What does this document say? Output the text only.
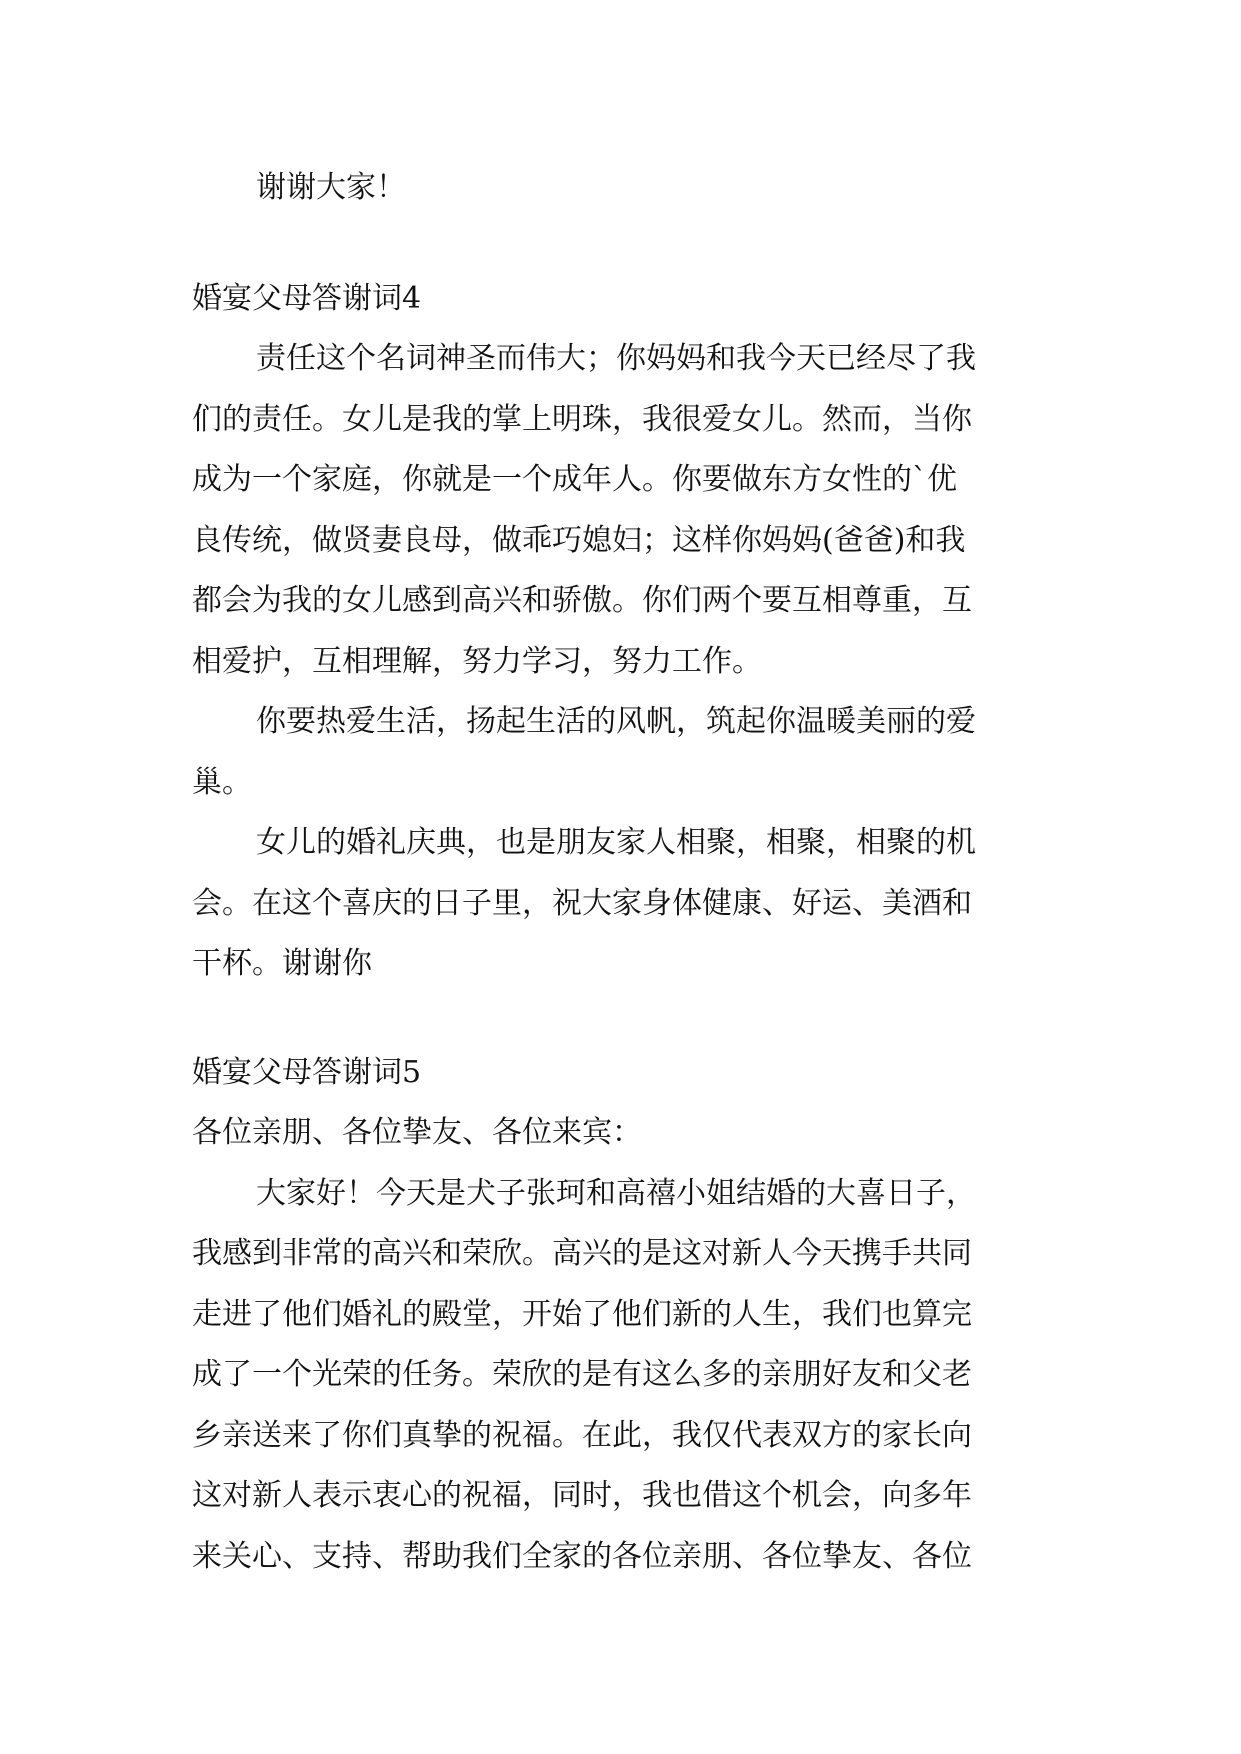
谢谢大家！
婚宴父母答谢词4
责任这个名词神圣而伟大；你妈妈和我今天已经尽了我
们的责任。女儿是我的掌上明珠，我很爱女儿。然而，当你
成为一个家庭，你就是一个成年人。你要做东方女性的`优
良传统，做贤妻良母，做乖巧媳妇；这样你妈妈(爸爸)和我
都会为我的女儿感到高兴和骄傲。你们两个要互相尊重，互
相爱护，互相理解，努力学习，努力工作。
你要热爱生活，扬起生活的风帆，筑起你温暖美丽的爱
巢。
女儿的婚礼庆典，也是朋友家人相聚，相聚，相聚的机
会。在这个喜庆的日子里，祝大家身体健康、好运、美酒和
干杯。谢谢你
婚宴父母答谢词5
各位亲朋、各位挚友、各位来宾：
大家好！今天是犬子张珂和高禧小姐结婚的大喜日子，
我感到非常的高兴和荣欣。高兴的是这对新人今天携手共同
走进了他们婚礼的殿堂，开始了他们新的人生，我们也算完
成了一个光荣的任务。荣欣的是有这么多的亲朋好友和父老
乡亲送来了你们真挚的祝福。在此，我仅代表双方的家长向
这对新人表示衷心的祝福，同时，我也借这个机会，向多年
来关心、支持、帮助我们全家的各位亲朋、各位挚友、各位
